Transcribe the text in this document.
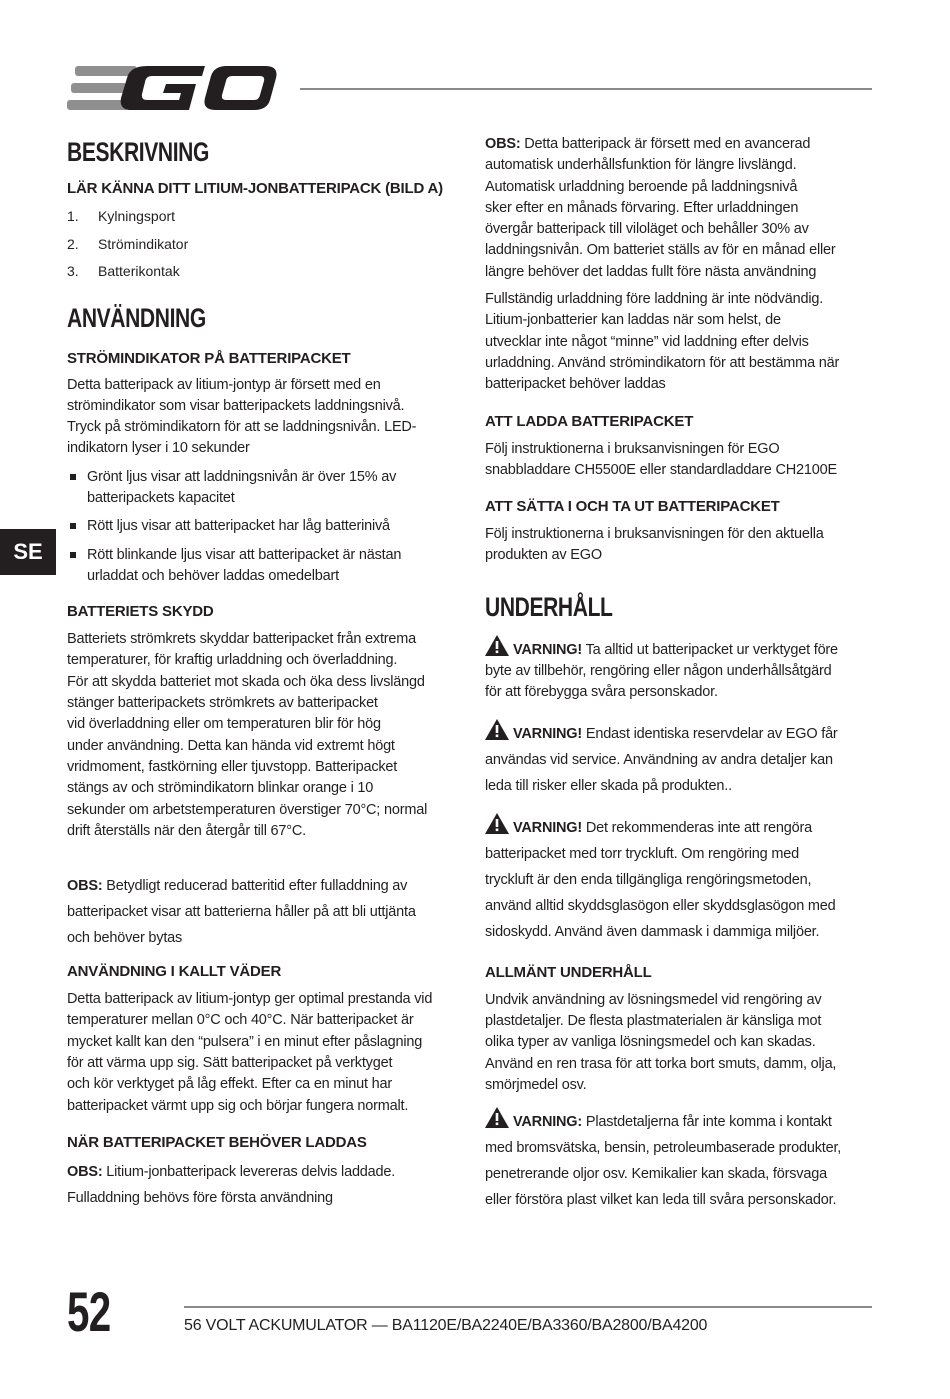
SE
BESKRIVNING
LÄR KÄNNA DITT LITIUM-JONBATTERIPACK (BILD A)
1. Kylningsport
2. Strömindikator
3. Batterikontak
ANVÄNDNING
STRÖMINDIKATOR PÅ BATTERIPACKET

Detta batteripack av litium-jontyp är försett med en
strömindikator som visar batteripackets laddningsnivå.
Tryck på strömindikatorn för att se laddningsnivån. LED-
indikatorn lyser i 10 sekunder

Grönt ljus visar att laddningsnivån är över 15% av
batteripackets kapacitet
Rött ljus visar att batteripacket har låg batterinivå
Rött blinkande ljus visar att batteripacket är nästan
urladdat och behöver laddas omedelbart
BATTERIETS SKYDD

Batteriets strömkrets skyddar batteripacket från extrema
temperaturer, för kraftig urladdning och överladdning.
För att skydda batteriet mot skada och öka dess livslängd
stänger batteripackets strömkrets av batteripacket
vid överladdning eller om temperaturen blir för hög
under användning. Detta kan hända vid extremt högt
vridmoment, fastkörning eller tjuvstopp. Batteripacket
stängs av och strömindikatorn blinkar orange i 10
sekunder om arbetstemperaturen överstiger 70°C; normal
drift återställs när den återgår till 67°C.

OBS: Betydligt reducerad batteritid efter fulladdning av
batteripacket visar att batterierna håller på att bli uttjänta
och behöver bytas

ANVÄNDNING I KALLT VÄDER

Detta batteripack av litium-jontyp ger optimal prestanda vid
temperaturer mellan 0°C och 40°C. När batteripacket är
mycket kallt kan den “pulsera” i en minut efter påslagning
för att värma upp sig. Sätt batteripacket på verktyget
och kör verktyget på låg effekt. Efter ca en minut har
batteripacket värmt upp sig och börjar fungera normalt.

NÄR BATTERIPACKET BEHÖVER LADDAS

OBS: Litium-jonbatteripack levereras delvis laddade.
Fulladdning behövs före första användning

OBS: Detta batteripack är försett med en avancerad
automatisk underhållsfunktion för längre livslängd.
Automatisk urladdning beroende på laddningsnivå
sker efter en månads förvaring. Efter urladdningen
övergår batteripack till viloläget och behåller 30% av
laddningsnivån. Om batteriet ställs av för en månad eller
längre behöver det laddas fullt före nästa användning

Fullständig urladdning före laddning är inte nödvändig.
Litium-jonbatterier kan laddas när som helst, de
utvecklar inte något “minne” vid laddning efter delvis
urladdning. Använd strömindikatorn för att bestämma när
batteripacket behöver laddas

ATT LADDA BATTERIPACKET

Följ instruktionerna i bruksanvisningen för EGO
snabbladdare CH5500E eller standardladdare CH2100E

ATT SÄTTA I OCH TA UT BATTERIPACKET

Följ instruktionerna i bruksanvisningen för den aktuella
produkten av EGO

UNDERHÅLL

VARNING! Ta alltid ut batteripacket ur verktyget före
byte av tillbehör, rengöring eller någon underhållsåtgärd
för att förebygga svåra personskador.

VARNING! Endast identiska reservdelar av EGO får
användas vid service. Användning av andra detaljer kan
leda till risker eller skada på produkten..

VARNING! Det rekommenderas inte att rengöra
batteripacket med torr tryckluft. Om rengöring med
tryckluft är den enda tillgängliga rengöringsmetoden,
använd alltid skyddsglasögon eller skyddsglasögon med
sidoskydd. Använd även dammask i dammiga miljöer.

ALLMÄNT UNDERHÅLL

Undvik användning av lösningsmedel vid rengöring av
plastdetaljer. De flesta plastmaterialen är känsliga mot
olika typer av vanliga lösningsmedel och kan skadas.
Använd en ren trasa för att torka bort smuts, damm, olja,
smörjmedel osv.

VARNING: Plastdetaljerna får inte komma i kontakt
med bromsvätska, bensin, petroleumbaserade produkter,
penetrerande oljor osv. Kemikalier kan skada, försvaga
eller förstöra plast vilket kan leda till svåra personskador.

52	56 VOLT ACKUMULATOR — BA1120E/BA2240E/BA3360/BA2800/BA4200
